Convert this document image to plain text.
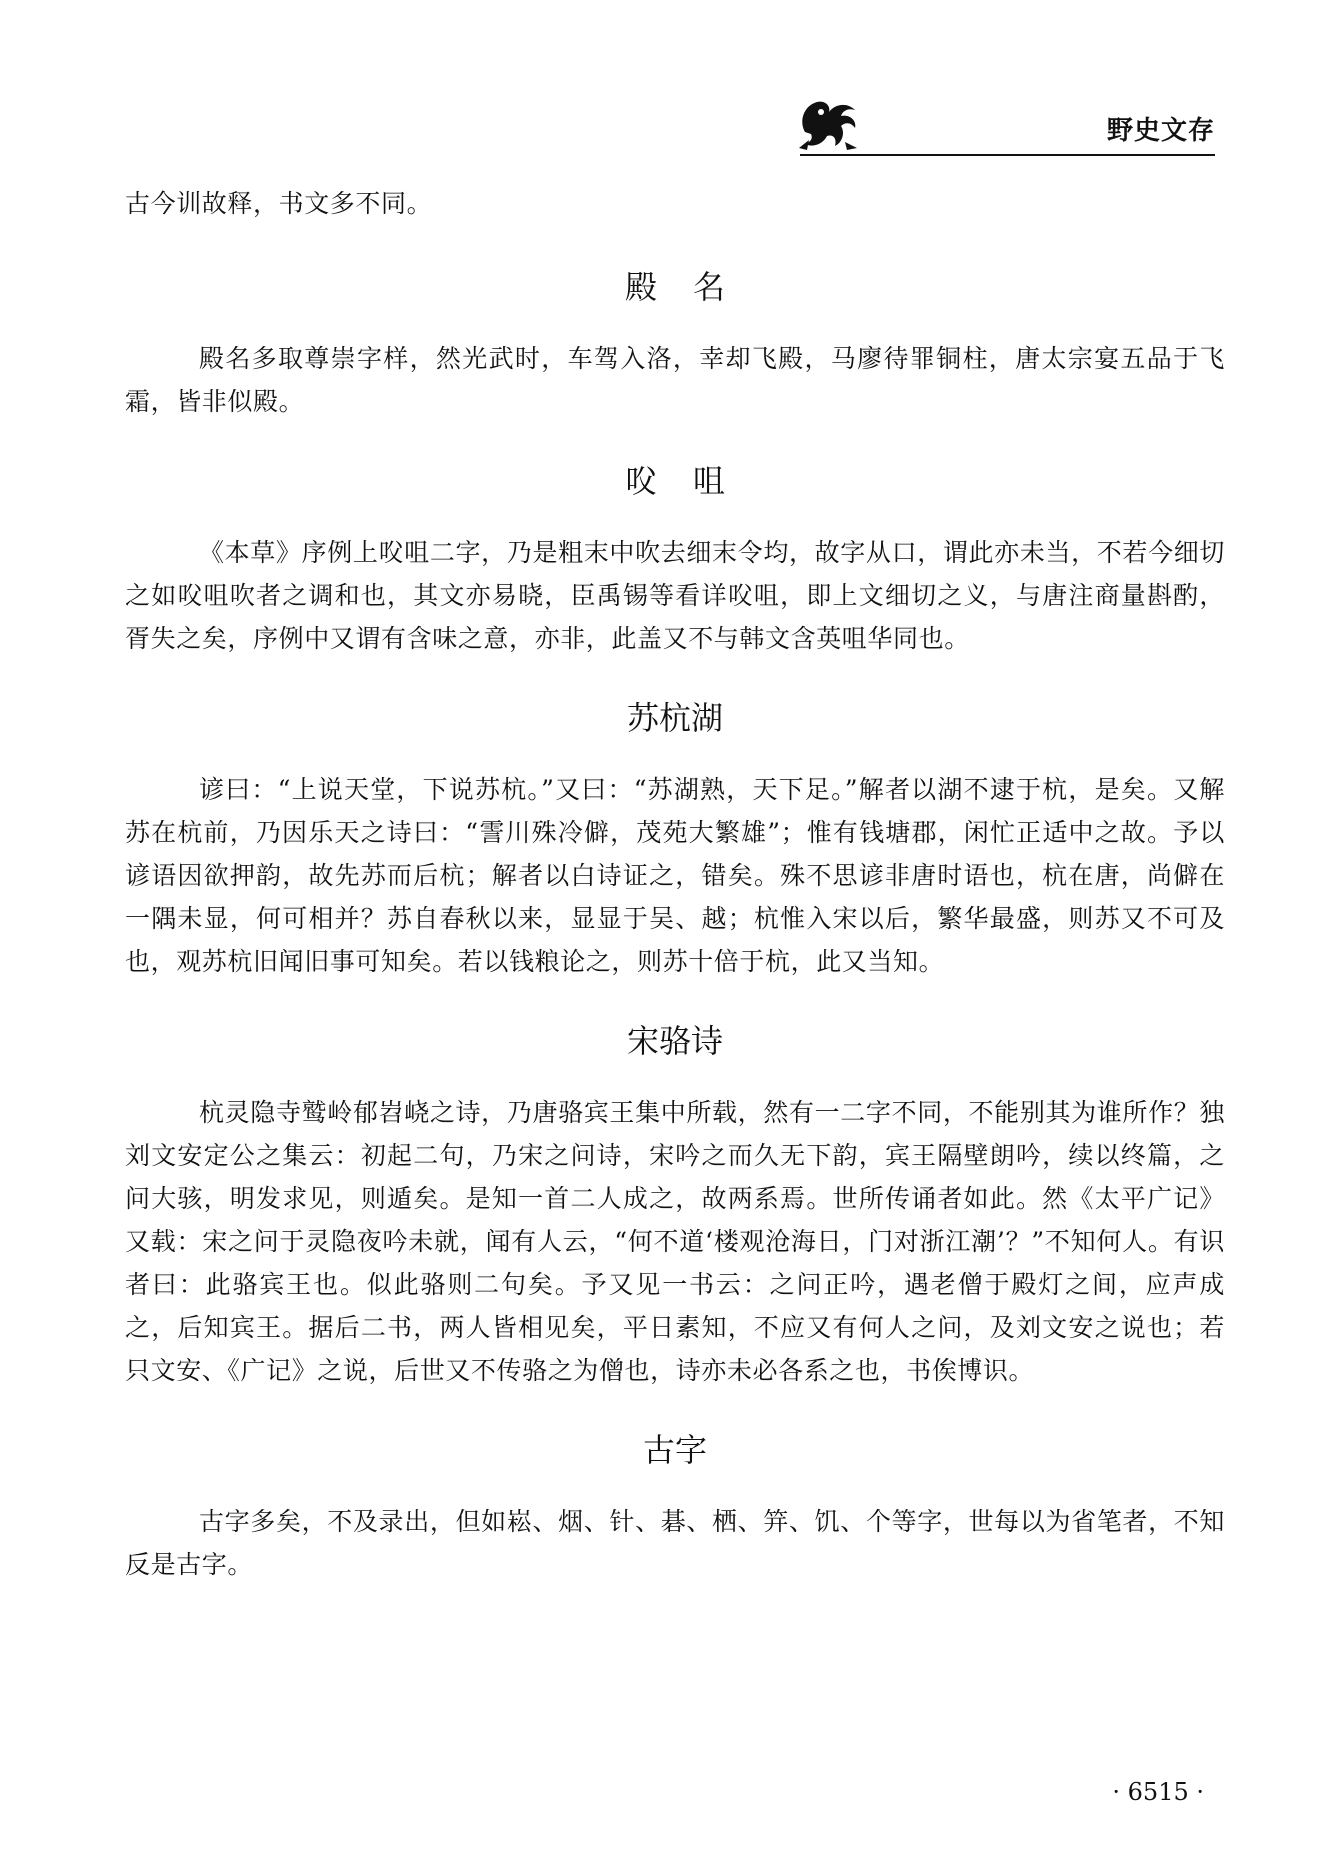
野史文存

古今训故释，书文多不同。

殿名

殿名多取尊崇字样，然光武时，车驾入洛，幸却飞殿，马廖待罪铜柱，唐太宗宴五品于飞霜，皆非似殿。

㕮咀

《本草》序例上㕮咀二字，乃是粗末中吹去细末令均，故字从口，谓此亦未当，不若今细切之如㕮咀吹者之调和也，其文亦易晓，臣禹锡等看详㕮咀，即上文细切之义，与唐注商量斟酌，胥失之矣，序例中又谓有含味之意，亦非，此盖又不与韩文含英咀华同也。

苏杭湖

谚曰：“上说天堂，下说苏杭。”又曰：“苏湖熟，天下足。”解者以湖不逮于杭，是矣。又解苏在杭前，乃因乐天之诗曰：“霅川殊冷僻，茂苑大繁雄”；惟有钱塘郡，闲忙正适中之故。予以谚语因欲押韵，故先苏而后杭；解者以白诗证之，错矣。殊不思谚非唐时语也，杭在唐，尚僻在一隅未显，何可相并？苏自春秋以来，显显于吴、越；杭惟入宋以后，繁华最盛，则苏又不可及也，观苏杭旧闻旧事可知矣。若以钱粮论之，则苏十倍于杭，此又当知。

宋骆诗

杭灵隐寺鹫岭郁岧峣之诗，乃唐骆宾王集中所载，然有一二字不同，不能别其为谁所作？独刘文安定公之集云：初起二句，乃宋之问诗，宋吟之而久无下韵，宾王隔壁朗吟，续以终篇，之问大骇，明发求见，则遁矣。是知一首二人成之，故两系焉。世所传诵者如此。然《太平广记》又载：宋之问于灵隐夜吟未就，闻有人云，“何不道‘楼观沧海日，门对浙江潮’？”不知何人。有识者曰：此骆宾王也。似此骆则二句矣。予又见一书云：之问正吟，遇老僧于殿灯之间，应声成之，后知宾王。据后二书，两人皆相见矣，平日素知，不应又有何人之问，及刘文安之说也；若只文安、《广记》之说，后世又不传骆之为僧也，诗亦未必各系之也，书俟博识。

古字

古字多矣，不及录出，但如崧、烟、针、碁、栖、笄、饥、个等字，世每以为省笔者，不知反是古字。

· 6515 ·
